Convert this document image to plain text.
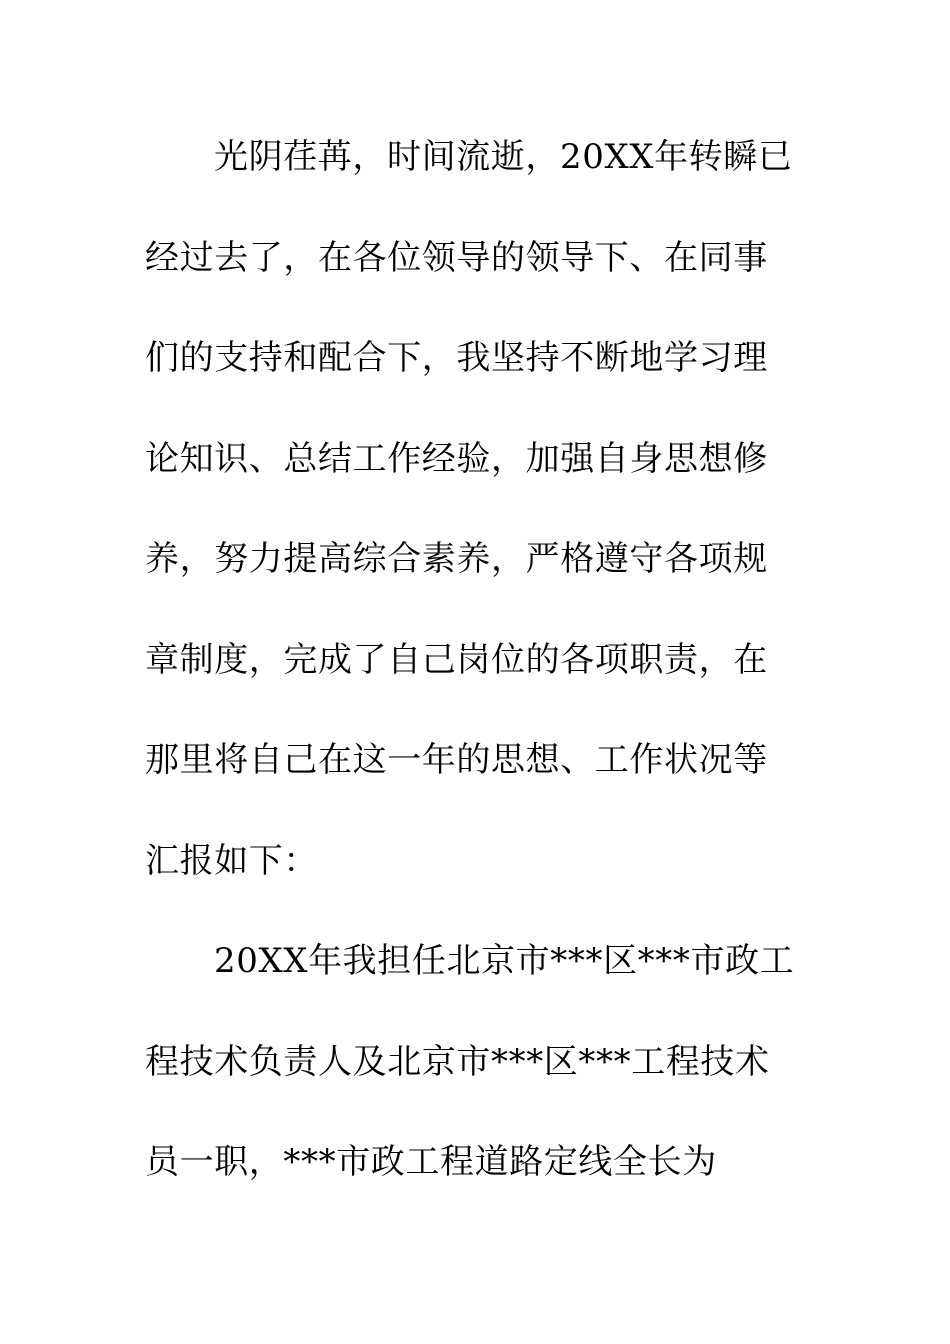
光阴荏苒，时间流逝，20XX年转瞬已
经过去了，在各位领导的领导下、在同事
们的支持和配合下，我坚持不断地学习理
论知识、总结工作经验，加强自身思想修
养，努力提高综合素养，严格遵守各项规
章制度，完成了自己岗位的各项职责，在
那里将自己在这一年的思想、工作状况等
汇报如下：
20XX年我担任北京市***区***市政工
程技术负责人及北京市***区***工程技术
员一职，***市政工程道路定线全长为
